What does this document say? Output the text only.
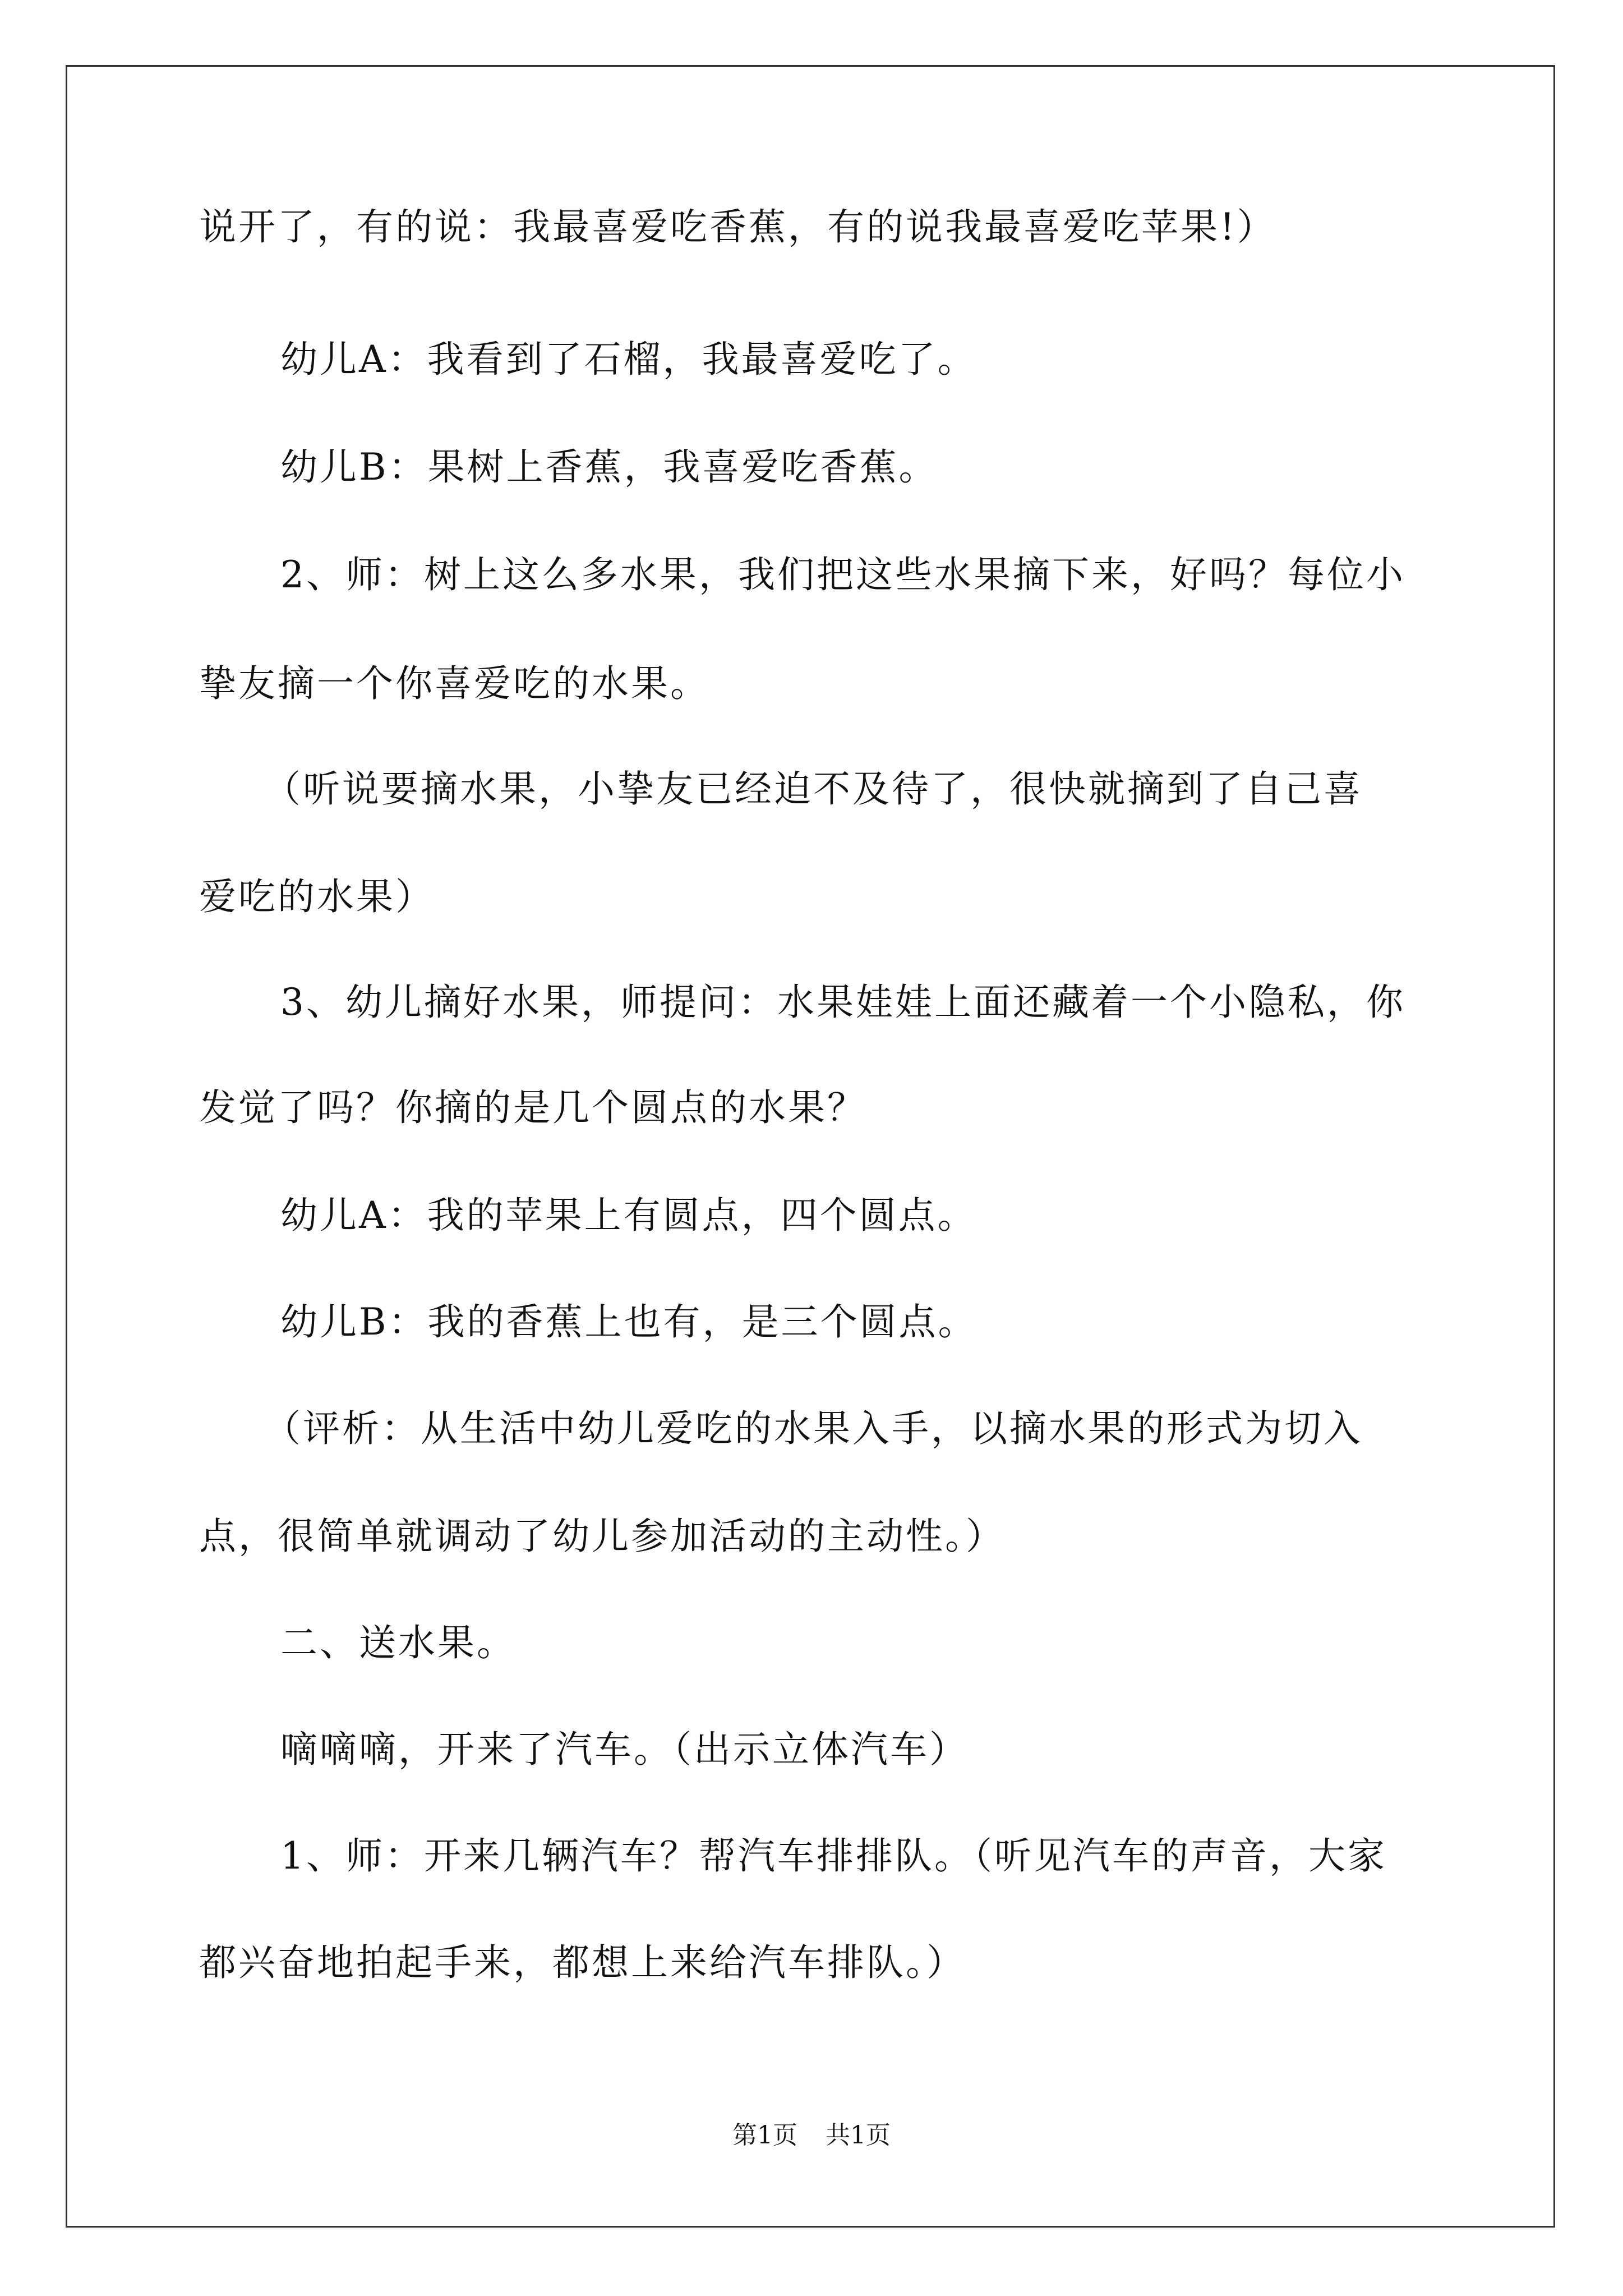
说开了，有的说：我最喜爱吃香蕉，有的说我最喜爱吃苹果!）
幼儿A：我看到了石榴，我最喜爱吃了。
幼儿B：果树上香蕉，我喜爱吃香蕉。
2、师：树上这么多水果，我们把这些水果摘下来，好吗？每位小
挚友摘一个你喜爱吃的水果。
（听说要摘水果，小挚友已经迫不及待了，很快就摘到了自己喜
爱吃的水果）
3、幼儿摘好水果，师提问：水果娃娃上面还藏着一个小隐私，你
发觉了吗？你摘的是几个圆点的水果？
幼儿A：我的苹果上有圆点，四个圆点。
幼儿B：我的香蕉上也有，是三个圆点。
（评析：从生活中幼儿爱吃的水果入手，以摘水果的形式为切入
点，很简单就调动了幼儿参加活动的主动性。）
二、送水果。
嘀嘀嘀，开来了汽车。（出示立体汽车）
1、师：开来几辆汽车？帮汽车排排队。（听见汽车的声音，大家
都兴奋地拍起手来，都想上来给汽车排队。）
第1页 共1页
